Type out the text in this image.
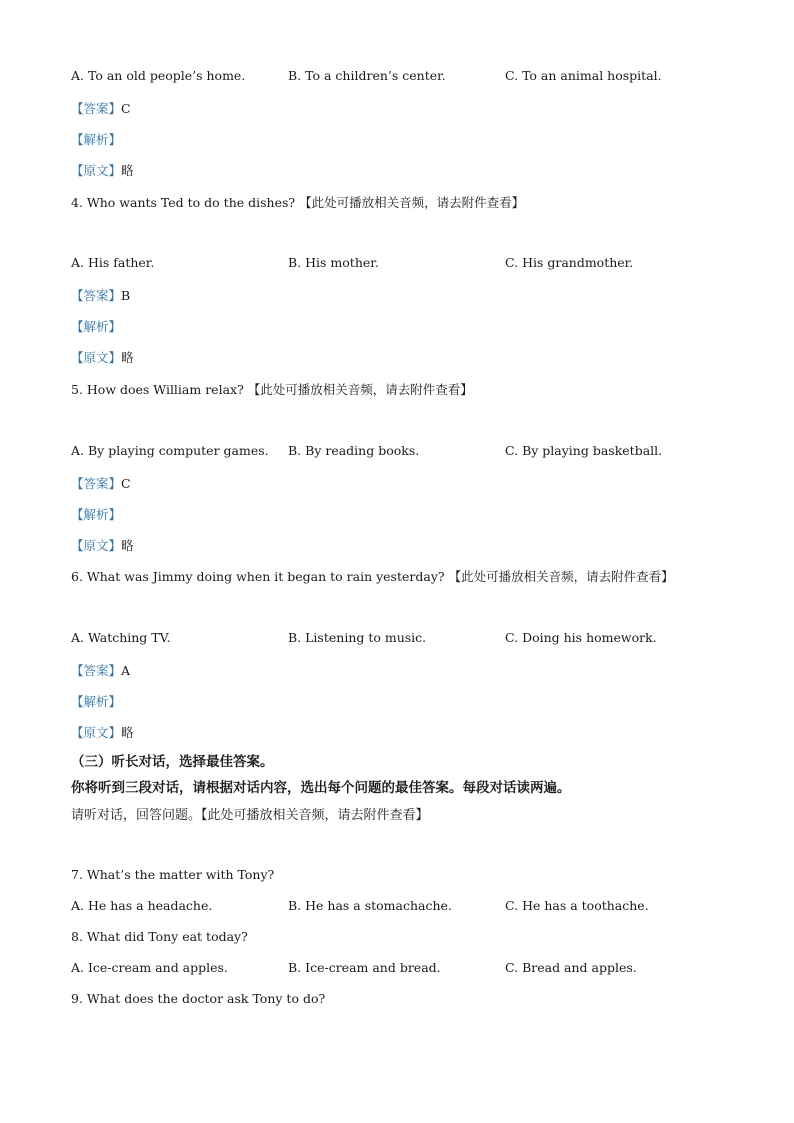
A. To an old people’s home.	B. To a children’s center.	C. To an animal hospital.
【答案】C
【解析】
【原文】略
4. Who wants Ted to do the dishes? 【此处可播放相关音频，请去附件查看】
A. His father.	B. His mother.	C. His grandmother.
【答案】B
【解析】
【原文】略
5. How does William relax? 【此处可播放相关音频，请去附件查看】
A. By playing computer games. B. By reading books.	C. By playing basketball.
【答案】C
【解析】
【原文】略
6. What was Jimmy doing when it began to rain yesterday? 【此处可播放相关音频，请去附件查看】
A. Watching TV.	B. Listening to music.	C. Doing his homework.
【答案】A
【解析】
【原文】略
（三）听长对话，选择最佳答案。
你将听到三段对话，请根据对话内容，选出每个问题的最佳答案。每段对话读两遍。
请听对话，回答问题。【此处可播放相关音频，请去附件查看】
7. What’s the matter with Tony?
A. He has a headache.	B. He has a stomachache.	C. He has a toothache.
8. What did Tony eat today?
A. Ice-cream and apples.	B. Ice-cream and bread.	C. Bread and apples.
9. What does the doctor ask Tony to do?
